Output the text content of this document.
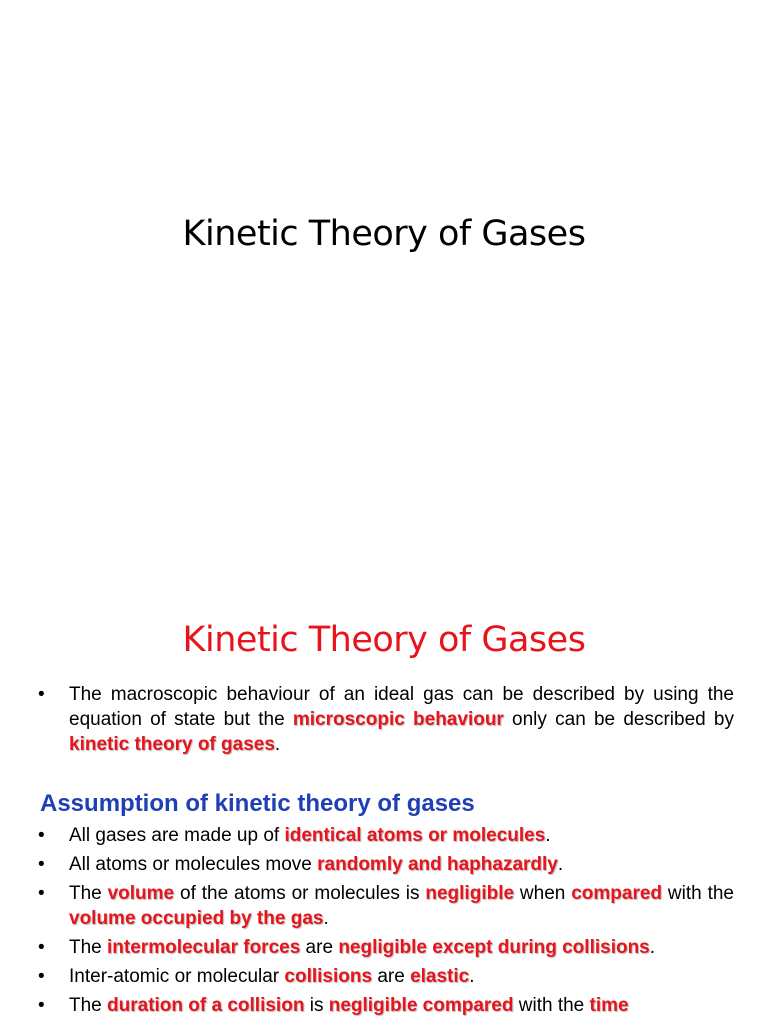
Kinetic Theory of Gases
Kinetic Theory of Gases
• The macroscopic behaviour of an ideal gas can be described by using the equation of state but the microscopic behaviour only can be described by kinetic theory of gases.
Assumption of kinetic theory of gases
• All gases are made up of identical atoms or molecules.
• All atoms or molecules move randomly and haphazardly.
• The volume of the atoms or molecules is negligible when compared with the volume occupied by the gas.
• The intermolecular forces are negligible except during collisions.
• Inter-atomic or molecular collisions are elastic.
• The duration of a collision is negligible compared with the time
